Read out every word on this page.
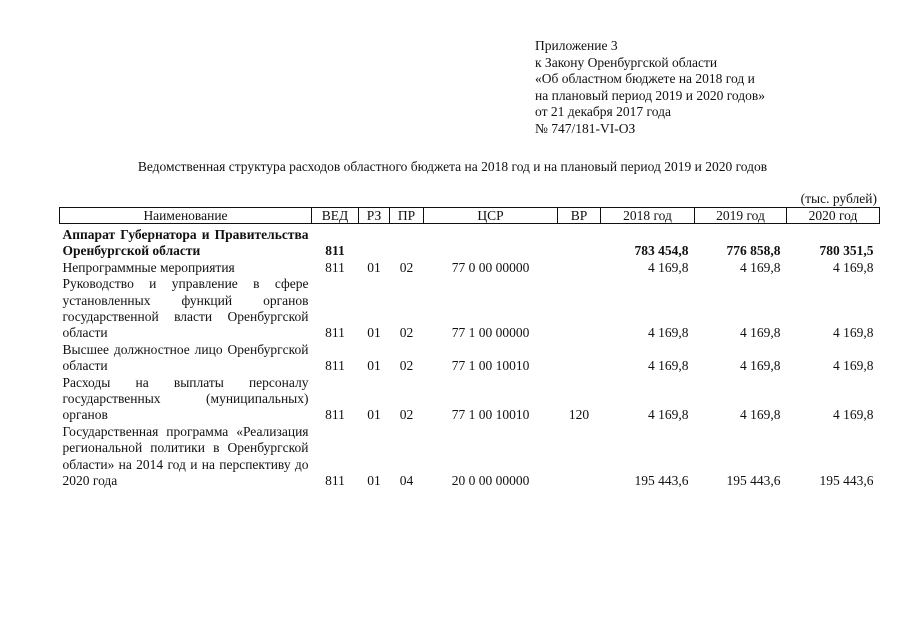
Приложение 3
к Закону Оренбургской области
«Об областном бюджете на 2018 год и
на плановый период 2019 и 2020 годов»
от 21 декабря 2017 года
№ 747/181-VI-ОЗ
Ведомственная структура расходов областного бюджета на 2018 год и на плановый период 2019 и 2020 годов
(тыс. рублей)
Наименование	ВЕД	РЗ	ПР	ЦСР	ВР	2018 год	2019 год	2020 год
Аппарат Губернатора и Правительства Оренбургской области	811					783 454,8	776 858,8	780 351,5
Непрограммные мероприятия	811	01	02	77 0 00 00000		4 169,8	4 169,8	4 169,8
Руководство и управление в сфере установленных функций органов государственной власти Оренбургской области	811	01	02	77 1 00 00000		4 169,8	4 169,8	4 169,8
Высшее должностное лицо Оренбургской области	811	01	02	77 1 00 10010		4 169,8	4 169,8	4 169,8
Расходы на выплаты персоналу государственных (муниципальных) органов	811	01	02	77 1 00 10010	120	4 169,8	4 169,8	4 169,8
Государственная программа «Реализация региональной политики в Оренбургской области» на 2014 год и на перспективу до 2020 года	811	01	04	20 0 00 00000		195 443,6	195 443,6	195 443,6
